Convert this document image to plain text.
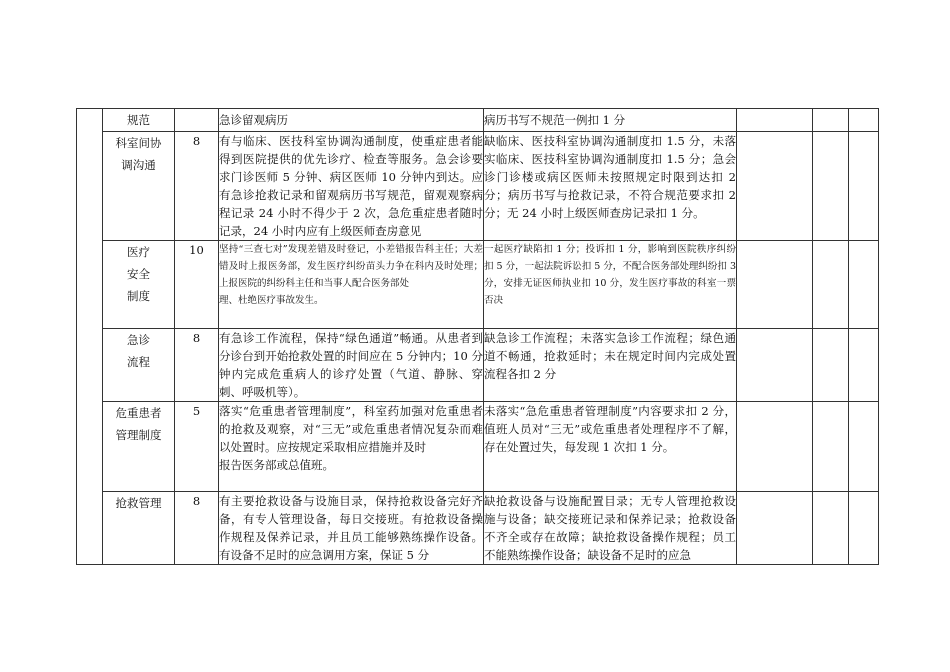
	规范		急诊留观病历	病历书写不规范一例扣 1 分			

	科室间协调沟通	8	有与临床、医技科室协调沟通制度，使重症患者能得到医院提供的优先诊疗、检查等服务。急会诊要求门诊医师 5 分钟、病区医师 10 分钟内到达。应有急诊抢救记录和留观病历书写规范，留观观察病程记录 24 小时不得少于 2 次，急危重症患者随时记录，24 小时内应有上级医师查房意见	缺临床、医技科室协调沟通制度扣 1.5 分，未落实临床、医技科室协调沟通制度扣 1.5 分；急会诊门诊楼或病区医师未按照规定时限到达扣 2 分；病历书写与抢救记录，不符合规范要求扣 2 分；无 24 小时上级医师查房记录扣 1 分。			

	医疗安全制度	10	坚持“三查七对”发现差错及时登记，小差错报告科主任；大差错及时上报医务部，发生医疗纠纷苗头力争在科内及时处理；上报医院的纠纷科主任和当事人配合医务部处
理、杜绝医疗事故发生。	一起医疗缺陷扣 1 分；投诉扣 1 分，影响到医院秩序纠纷扣 5 分，一起法院诉讼扣 5 分，不配合医务部处理纠纷扣 3 分，安排无证医师执业扣 10 分，发生医疗事故的科室一票否决			

	急诊流程	8	有急诊工作流程，保持“绿色通道”畅通。从患者到分诊台到开始抢救处置的时间应在 5 分钟内；10 分钟内完成危重病人的诊疗处置（气道、静脉、穿刺、呼吸机等）。	缺急诊工作流程；未落实急诊工作流程；绿色通道不畅通，抢救延时；未在规定时间内完成处置流程各扣 2 分			

	危重患者管理制度	5	落实“危重患者管理制度”，科室药加强对危重患者的抢救及观察，对“三无”或危重患者情况复杂而难以处置时。应按规定采取相应措施并及时
报告医务部或总值班。	未落实“急危重患者管理制度”内容要求扣 2 分，值班人员对“三无”或危重患者处理程序不了解，存在处置过失，每发现 1 次扣 1 分。			

	抢救管理	8	有主要抢救设备与设施目录，保持抢救设备完好齐备，有专人管理设备，每日交接班。有抢救设备操作规程及保养记录，并且员工能够熟练操作设备。有设备不足时的应急调用方案，保证 5 分	缺抢救设备与设施配置目录；无专人管理抢救设施与设备；缺交接班记录和保养记录；抢救设备不齐全或存在故障；缺抢救设备操作规程；员工不能熟练操作设备；缺设备不足时的应急			
